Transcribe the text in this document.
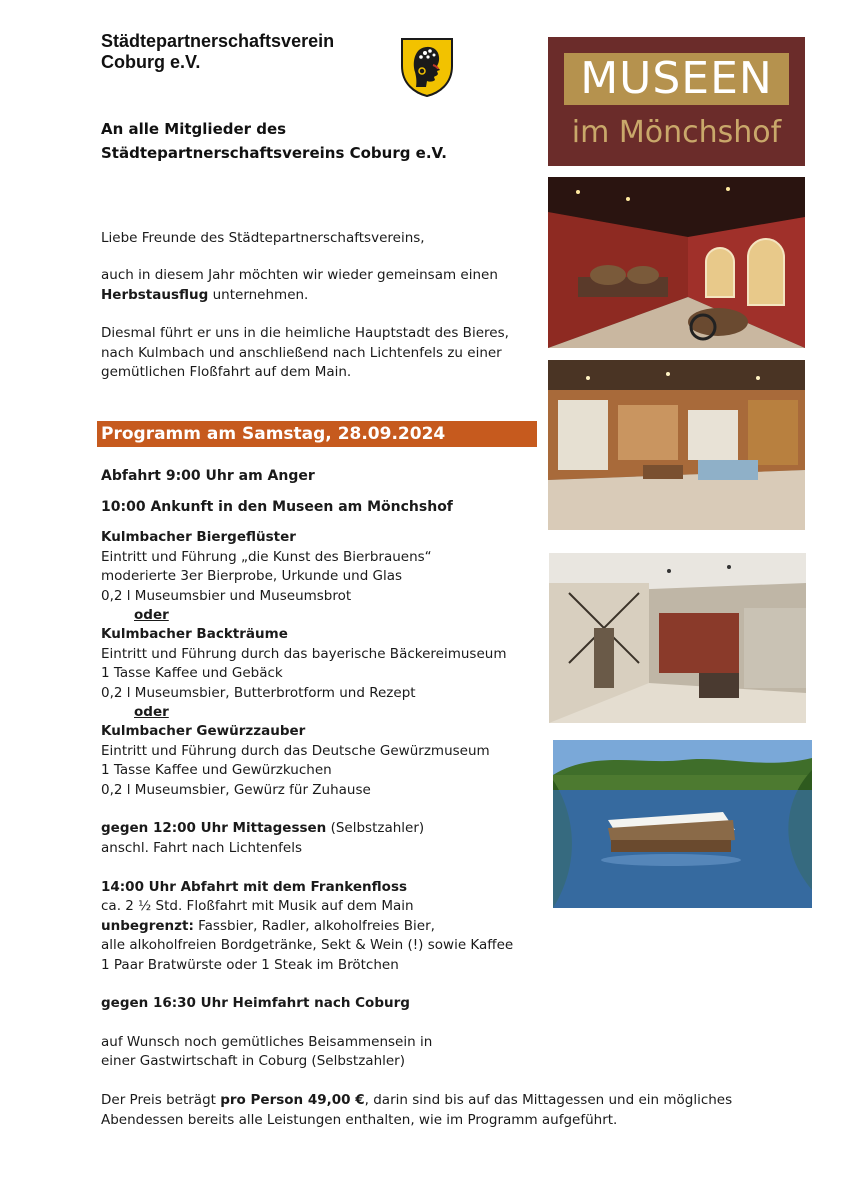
Städtepartnerschaftsverein
Coburg e.V.
An alle Mitglieder des
Städtepartnerschaftsvereins Coburg e.V.
Liebe Freunde des Städtepartnerschaftsvereins,
auch in diesem Jahr möchten wir wieder gemeinsam einen
Herbstausflug unternehmen.
Diesmal führt er uns in die heimliche Hauptstadt des Bieres,
nach Kulmbach und anschließend nach Lichtenfels zu einer
gemütlichen Floßfahrt auf dem Main.
Programm am Samstag, 28.09.2024
Abfahrt 9:00 Uhr am Anger
10:00 Ankunft in den Museen am Mönchshof
Kulmbacher Biergeflüster
Eintritt und Führung „die Kunst des Bierbrauens“
moderierte 3er Bierprobe, Urkunde und Glas
0,2 l Museumsbier und Museumsbrot
oder
Kulmbacher Backträume
Eintritt und Führung durch das bayerische Bäckereimuseum
1 Tasse Kaffee und Gebäck
0,2 l Museumsbier, Butterbrotform und Rezept
oder
Kulmbacher Gewürzzauber
Eintritt und Führung durch das Deutsche Gewürzmuseum
1 Tasse Kaffee und Gewürzkuchen
0,2 l Museumsbier, Gewürz für Zuhause
gegen 12:00 Uhr Mittagessen (Selbstzahler)
anschl. Fahrt nach Lichtenfels
14:00 Uhr Abfahrt mit dem Frankenfloss
ca. 2 ½ Std. Floßfahrt mit Musik auf dem Main
unbegrenzt: Fassbier, Radler, alkoholfreies Bier,
alle alkoholfreien Bordgetränke, Sekt & Wein (!) sowie Kaffee
1 Paar Bratwürste oder 1 Steak im Brötchen
gegen 16:30 Uhr Heimfahrt nach Coburg
auf Wunsch noch gemütliches Beisammensein in
einer Gastwirtschaft in Coburg (Selbstzahler)
Der Preis beträgt pro Person 49,00 €, darin sind bis auf das Mittagessen und ein mögliches
Abendessen bereits alle Leistungen enthalten, wie im Programm aufgeführt.
MUSEEN
im Mönchshof
